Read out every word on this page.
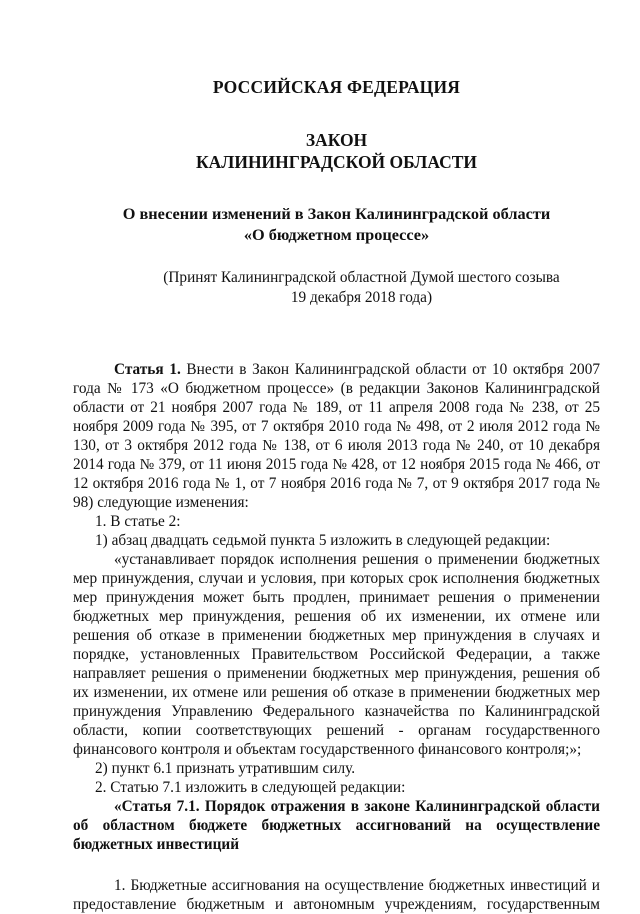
РОССИЙСКАЯ ФЕДЕРАЦИЯ
ЗАКОН
КАЛИНИНГРАДСКОЙ ОБЛАСТИ
О внесении изменений в Закон Калининградской области
«О бюджетном процессе»
(Принят Калининградской областной Думой шестого созыва
19 декабря 2018 года)

Статья 1. Внести в Закон Калининградской области от 10 октября 2007 года № 173 «О бюджетном процессе» (в редакции Законов Калининградской области от 21 ноября 2007 года № 189, от 11 апреля 2008 года № 238, от 25 ноября 2009 года № 395, от 7 октября 2010 года № 498, от 2 июля 2012 года № 130, от 3 октября 2012 года № 138, от 6 июля 2013 года № 240, от 10 декабря 2014 года № 379, от 11 июня 2015 года № 428, от 12 ноября 2015 года № 466, от 12 октября 2016 года № 1, от 7 ноября 2016 года № 7, от 9 октября 2017 года № 98) следующие изменения:

1. В статье 2:

1) абзац двадцать седьмой пункта 5 изложить в следующей редакции:

«устанавливает порядок исполнения решения о применении бюджетных мер принуждения, случаи и условия, при которых срок исполнения бюджетных мер принуждения может быть продлен, принимает решения о применении бюджетных мер принуждения, решения об их изменении, их отмене или решения об отказе в применении бюджетных мер принуждения в случаях и порядке, установленных Правительством Российской Федерации, а также направляет решения о применении бюджетных мер принуждения, решения об их изменении, их отмене или решения об отказе в применении бюджетных мер принуждения Управлению Федерального казначейства по Калининградской области, копии соответствующих решений - органам государственного финансового контроля и объектам государственного финансового контроля;»;

2) пункт 6.1 признать утратившим силу.

2. Статью 7.1 изложить в следующей редакции:

«Статья 7.1. Порядок отражения в законе Калининградской области об областном бюджете бюджетных ассигнований на осуществление бюджетных инвестиций

1. Бюджетные ассигнования на осуществление бюджетных инвестиций и предоставление бюджетным и автономным учреждениям, государственным
